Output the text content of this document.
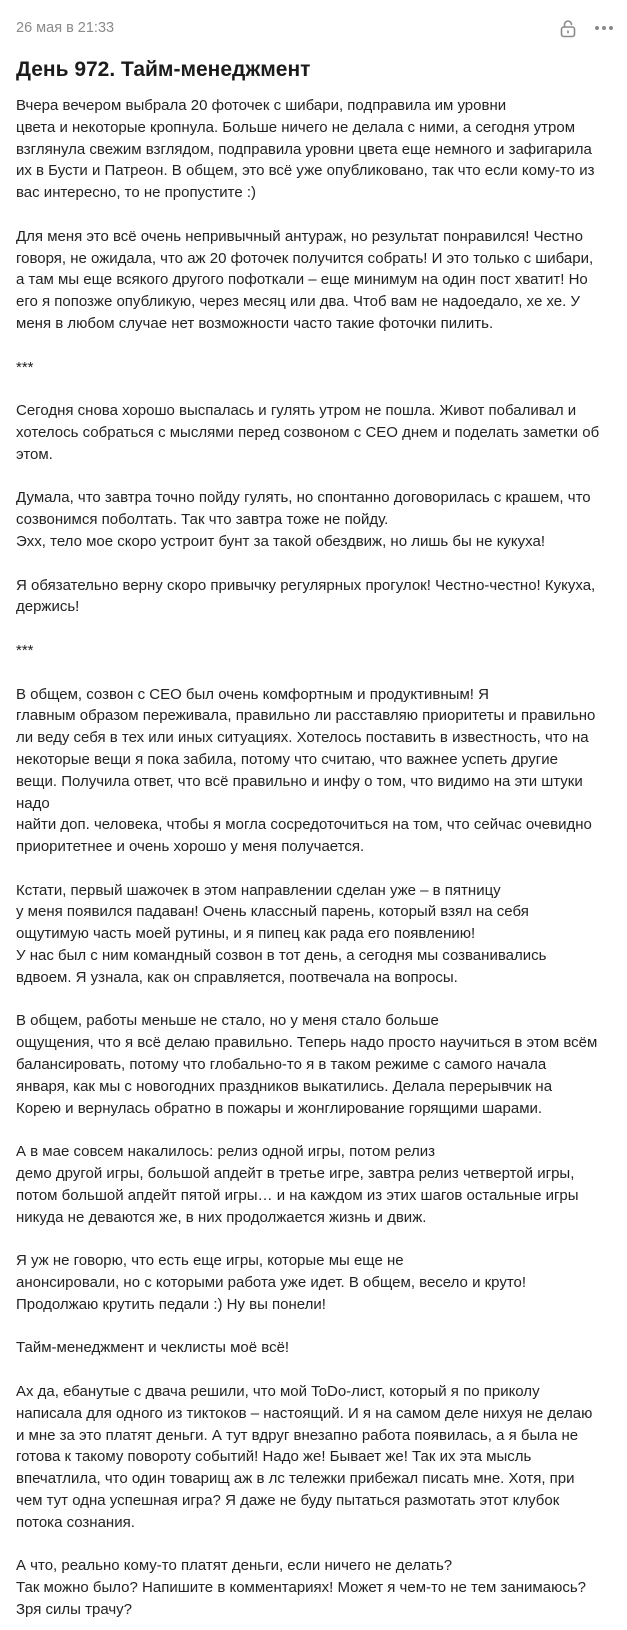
26 мая в 21:33
День 972. Тайм-менеджмент

Вчера вечером выбрала 20 фоточек с шибари, подправила им уровни
цвета и некоторые кропнула. Больше ничего не делала с ними, а сегодня утром
взглянула свежим взглядом, подправила уровни цвета еще немного и зафигарила
их в Бусти и Патреон. В общем, это всё уже опубликовано, так что если кому-то из
вас интересно, то не пропустите :)

Для меня это всё очень непривычный антураж, но результат понравился! Честно
говоря, не ожидала, что аж 20 фоточек получится собрать! И это только с шибари,
а там мы еще всякого другого пофоткали – еще минимум на один пост хватит! Но
его я попозже опубликую, через месяц или два. Чтоб вам не надоедало, хе хе. У
меня в любом случае нет возможности часто такие фоточки пилить.

***

Сегодня снова хорошо выспалась и гулять утром не пошла. Живот побаливал и
хотелось собраться с мыслями перед созвоном с CEO днем и поделать заметки об
этом.

Думала, что завтра точно пойду гулять, но спонтанно договорилась с крашем, что
созвонимся поболтать. Так что завтра тоже не пойду.
Эхх, тело мое скоро устроит бунт за такой обездвиж, но лишь бы не кукуха!

Я обязательно верну скоро привычку регулярных прогулок! Честно-честно! Кукуха,
держись!

***

В общем, созвон с CEO был очень комфортным и продуктивным! Я
главным образом переживала, правильно ли расставляю приоритеты и правильно
ли веду себя в тех или иных ситуациях. Хотелось поставить в известность, что на
некоторые вещи я пока забила, потому что считаю, что важнее успеть другие
вещи. Получила ответ, что всё правильно и инфу о том, что видимо на эти штуки
надо
найти доп. человека, чтобы я могла сосредоточиться на том, что сейчас очевидно
приоритетнее и очень хорошо у меня получается.

Кстати, первый шажочек в этом направлении сделан уже – в пятницу
у меня появился падаван! Очень классный парень, который взял на себя
ощутимую часть моей рутины, и я пипец как рада его появлению!
У нас был с ним командный созвон в тот день, а сегодня мы созванивались
вдвоем. Я узнала, как он справляется, поотвечала на вопросы.

В общем, работы меньше не стало, но у меня стало больше
ощущения, что я всё делаю правильно. Теперь надо просто научиться в этом всём
балансировать, потому что глобально-то я в таком режиме с самого начала
января, как мы с новогодних праздников выкатились. Делала перерывчик на
Корею и вернулась обратно в пожары и жонглирование горящими шарами.

А в мае совсем накалилось: релиз одной игры, потом релиз
демо другой игры, большой апдейт в третье игре, завтра релиз четвертой игры,
потом большой апдейт пятой игры… и на каждом из этих шагов остальные игры
никуда не деваются же, в них продолжается жизнь и движ.

Я уж не говорю, что есть еще игры, которые мы еще не
анонсировали, но с которыми работа уже идет. В общем, весело и круто!
Продолжаю крутить педали :) Ну вы понели!

Тайм-менеджмент и чеклисты моё всё!

Ах да, ебанутые с двача решили, что мой ToDo-лист, который я по приколу
написала для одного из тиктоков – настоящий. И я на самом деле нихуя не делаю
и мне за это платят деньги. А тут вдруг внезапно работа появилась, а я была не
готова к такому повороту событий! Надо же! Бывает же! Так их эта мысль
впечатлила, что один товарищ аж в лс тележки прибежал писать мне. Хотя, при
чем тут одна успешная игра? Я даже не буду пытаться размотать этот клубок
потока сознания.

А что, реально кому-то платят деньги, если ничего не делать?
Так можно было? Напишите в комментариях! Может я чем-то не тем занимаюсь?
Зря силы трачу?
